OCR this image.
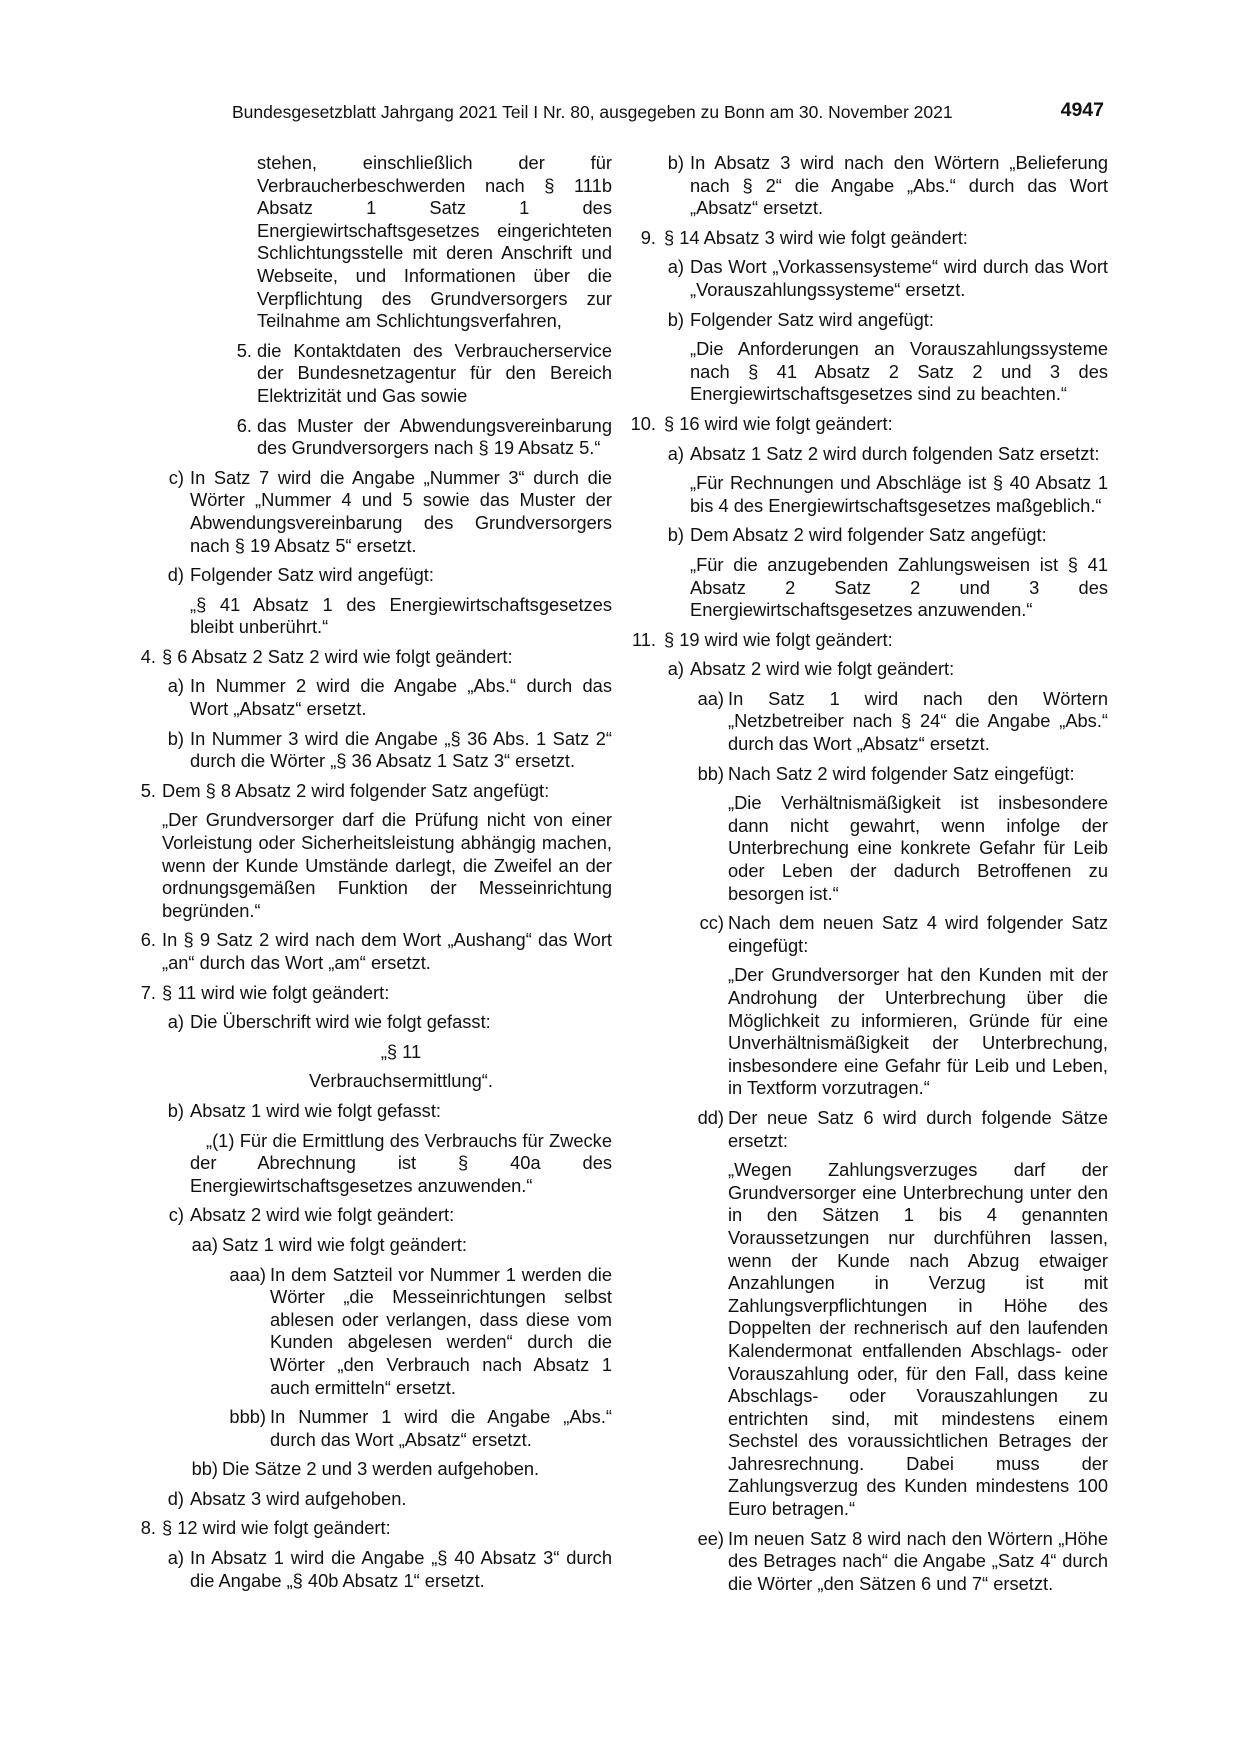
Bundesgesetzblatt Jahrgang 2021 Teil I Nr. 80, ausgegeben zu Bonn am 30. November 2021	4947
stehen, einschließlich der für Verbraucherbeschwerden nach § 111b Absatz 1 Satz 1 des Energiewirtschaftsgesetzes eingerichteten Schlichtungsstelle mit deren Anschrift und Webseite, und Informationen über die Verpflichtung des Grundversorgers zur Teilnahme am Schlichtungsverfahren,
5. die Kontaktdaten des Verbraucherservice der Bundesnetzagentur für den Bereich Elektrizität und Gas sowie
6. das Muster der Abwendungsvereinbarung des Grundversorgers nach § 19 Absatz 5.“
c) In Satz 7 wird die Angabe „Nummer 3“ durch die Wörter „Nummer 4 und 5 sowie das Muster der Abwendungsvereinbarung des Grundversorgers nach § 19 Absatz 5“ ersetzt.
d) Folgender Satz wird angefügt:
„§ 41 Absatz 1 des Energiewirtschaftsgesetzes bleibt unberührt.“
4. § 6 Absatz 2 Satz 2 wird wie folgt geändert:
a) In Nummer 2 wird die Angabe „Abs.“ durch das Wort „Absatz“ ersetzt.
b) In Nummer 3 wird die Angabe „§ 36 Abs. 1 Satz 2“ durch die Wörter „§ 36 Absatz 1 Satz 3“ ersetzt.
5. Dem § 8 Absatz 2 wird folgender Satz angefügt:
„Der Grundversorger darf die Prüfung nicht von einer Vorleistung oder Sicherheitsleistung abhängig machen, wenn der Kunde Umstände darlegt, die Zweifel an der ordnungsgemäßen Funktion der Messeinrichtung begründen.“
6. In § 9 Satz 2 wird nach dem Wort „Aushang“ das Wort „an“ durch das Wort „am“ ersetzt.
7. § 11 wird wie folgt geändert:
a) Die Überschrift wird wie folgt gefasst:
„§ 11
Verbrauchsermittlung“.
b) Absatz 1 wird wie folgt gefasst:
„(1) Für die Ermittlung des Verbrauchs für Zwecke der Abrechnung ist § 40a des Energiewirtschaftsgesetzes anzuwenden.“
c) Absatz 2 wird wie folgt geändert:
aa) Satz 1 wird wie folgt geändert:
aaa) In dem Satzteil vor Nummer 1 werden die Wörter „die Messeinrichtungen selbst ablesen oder verlangen, dass diese vom Kunden abgelesen werden“ durch die Wörter „den Verbrauch nach Absatz 1 auch ermitteln“ ersetzt.
bbb) In Nummer 1 wird die Angabe „Abs.“ durch das Wort „Absatz“ ersetzt.
bb) Die Sätze 2 und 3 werden aufgehoben.
d) Absatz 3 wird aufgehoben.
8. § 12 wird wie folgt geändert:
a) In Absatz 1 wird die Angabe „§ 40 Absatz 3“ durch die Angabe „§ 40b Absatz 1“ ersetzt.
b) In Absatz 3 wird nach den Wörtern „Belieferung nach § 2“ die Angabe „Abs.“ durch das Wort „Absatz“ ersetzt.
9. § 14 Absatz 3 wird wie folgt geändert:
a) Das Wort „Vorkassensysteme“ wird durch das Wort „Vorauszahlungssysteme“ ersetzt.
b) Folgender Satz wird angefügt:
„Die Anforderungen an Vorauszahlungssysteme nach § 41 Absatz 2 Satz 2 und 3 des Energiewirtschaftsgesetzes sind zu beachten.“
10. § 16 wird wie folgt geändert:
a) Absatz 1 Satz 2 wird durch folgenden Satz ersetzt:
„Für Rechnungen und Abschläge ist § 40 Absatz 1 bis 4 des Energiewirtschaftsgesetzes maßgeblich.“
b) Dem Absatz 2 wird folgender Satz angefügt:
„Für die anzugebenden Zahlungsweisen ist § 41 Absatz 2 Satz 2 und 3 des Energiewirtschaftsgesetzes anzuwenden.“
11. § 19 wird wie folgt geändert:
a) Absatz 2 wird wie folgt geändert:
aa) In Satz 1 wird nach den Wörtern „Netzbetreiber nach § 24“ die Angabe „Abs.“ durch das Wort „Absatz“ ersetzt.
bb) Nach Satz 2 wird folgender Satz eingefügt:
„Die Verhältnismäßigkeit ist insbesondere dann nicht gewahrt, wenn infolge der Unterbrechung eine konkrete Gefahr für Leib oder Leben der dadurch Betroffenen zu besorgen ist.“
cc) Nach dem neuen Satz 4 wird folgender Satz eingefügt:
„Der Grundversorger hat den Kunden mit der Androhung der Unterbrechung über die Möglichkeit zu informieren, Gründe für eine Unverhältnismäßigkeit der Unterbrechung, insbesondere eine Gefahr für Leib und Leben, in Textform vorzutragen.“
dd) Der neue Satz 6 wird durch folgende Sätze ersetzt:
„Wegen Zahlungsverzuges darf der Grundversorger eine Unterbrechung unter den in den Sätzen 1 bis 4 genannten Voraussetzungen nur durchführen lassen, wenn der Kunde nach Abzug etwaiger Anzahlungen in Verzug ist mit Zahlungsverpflichtungen in Höhe des Doppelten der rechnerisch auf den laufenden Kalendermonat entfallenden Abschlags- oder Vorauszahlung oder, für den Fall, dass keine Abschlags- oder Vorauszahlungen zu entrichten sind, mit mindestens einem Sechstel des voraussichtlichen Betrages der Jahresrechnung. Dabei muss der Zahlungsverzug des Kunden mindestens 100 Euro betragen.“
ee) Im neuen Satz 8 wird nach den Wörtern „Höhe des Betrages nach“ die Angabe „Satz 4“ durch die Wörter „den Sätzen 6 und 7“ ersetzt.
